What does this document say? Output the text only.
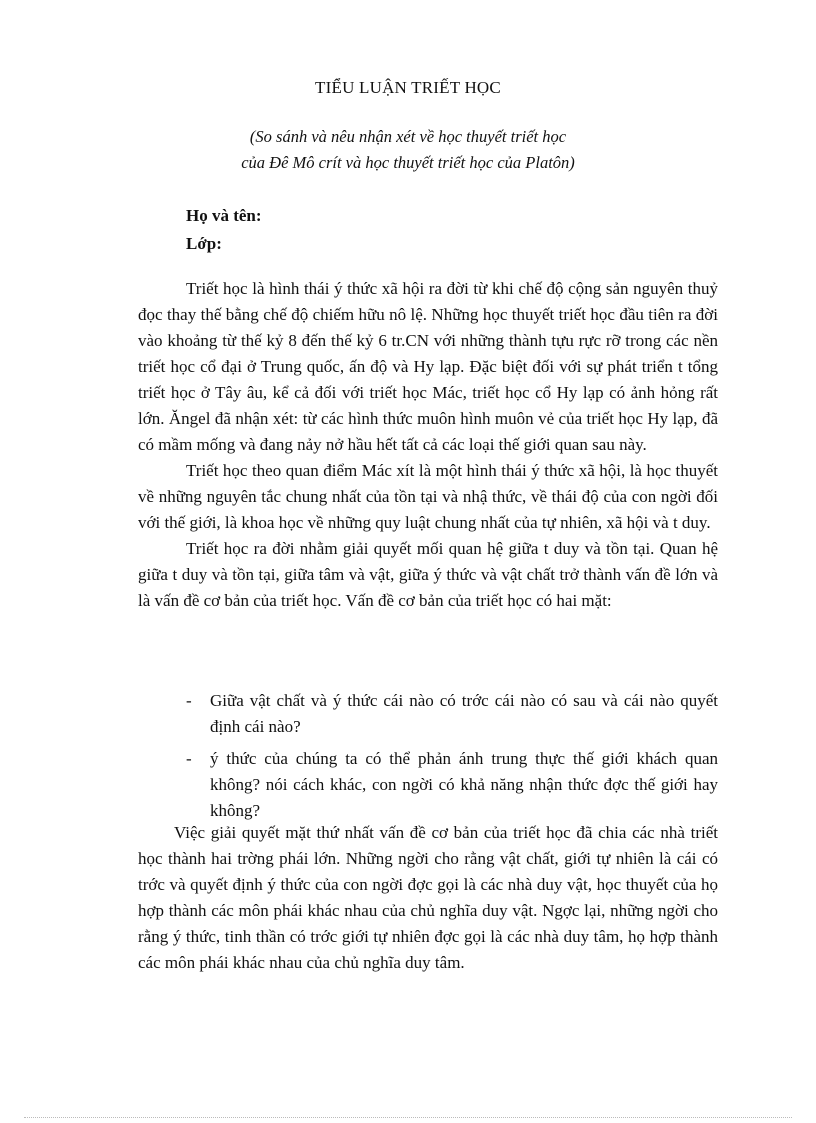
TIỂU LUẬN TRIẾT HỌC
(So sánh và nêu nhận xét về học thuyết triết học
của Đê Mô crít và học thuyết triết học của Platôn)
Họ và tên:
Lớp:

Triết học là hình thái ý thức xã hội ra đời từ khi chế độ cộng sản nguyên thuỷ đọc thay thế bằng chế độ chiếm hữu nô lệ. Những học thuyết triết học đầu tiên ra đời vào khoảng từ thế kỷ 8 đến thế kỷ 6 tr.CN với những thành tựu rực rỡ trong các nền triết học cổ đại ở Trung quốc, ấn độ và Hy lạp. Đặc biệt đối với sự phát triển t tổng triết học ở Tây âu, kể cả đối với triết học Mác, triết học cổ Hy lạp có ảnh hỏng rất lớn. Ăngel đã nhận xét: từ các hình thức muôn hình muôn vẻ của triết học Hy lạp, đã có mầm mống và đang nảy nở hầu hết tất cả các loại thế giới quan sau này.

Triết học theo quan điểm Mác xít là một hình thái ý thức xã hội, là học thuyết về những nguyên tắc chung nhất của tồn tại và nhậ thức, về thái độ của con ngời đối với thế giới, là khoa học về những quy luật chung nhất của tự nhiên, xã hội và t duy.

Triết học ra đời nhằm giải quyết mối quan hệ giữa t duy và tồn tại. Quan hệ giữa t duy và tồn tại, giữa tâm và vật, giữa ý thức và vật chất trở thành vấn đề lớn và là vấn đề cơ bản của triết học. Vấn đề cơ bản của triết học có hai mặt:

- Giữa vật chất và ý thức cái nào có trớc cái nào có sau và cái nào quyết định cái nào?
- ý thức của chúng ta có thể phản ánh trung thực thế giới khách quan không? nói cách khác, con ngời có khả năng nhận thức đợc thế giới hay không?

Việc giải quyết mặt thứ nhất vấn đề cơ bản của triết học đã chia các nhà triết học thành hai trờng phái lớn. Những ngời cho rằng vật chất, giới tự nhiên là cái có trớc và quyết định ý thức của con ngời đợc gọi là các nhà duy vật, học thuyết của họ hợp thành các môn phái khác nhau của chủ nghĩa duy vật. Ngợc lại, những ngời cho rằng ý thức, tinh thần có trớc giới tự nhiên đợc gọi là các nhà duy tâm, họ hợp thành các môn phái khác nhau của chủ nghĩa duy tâm.
